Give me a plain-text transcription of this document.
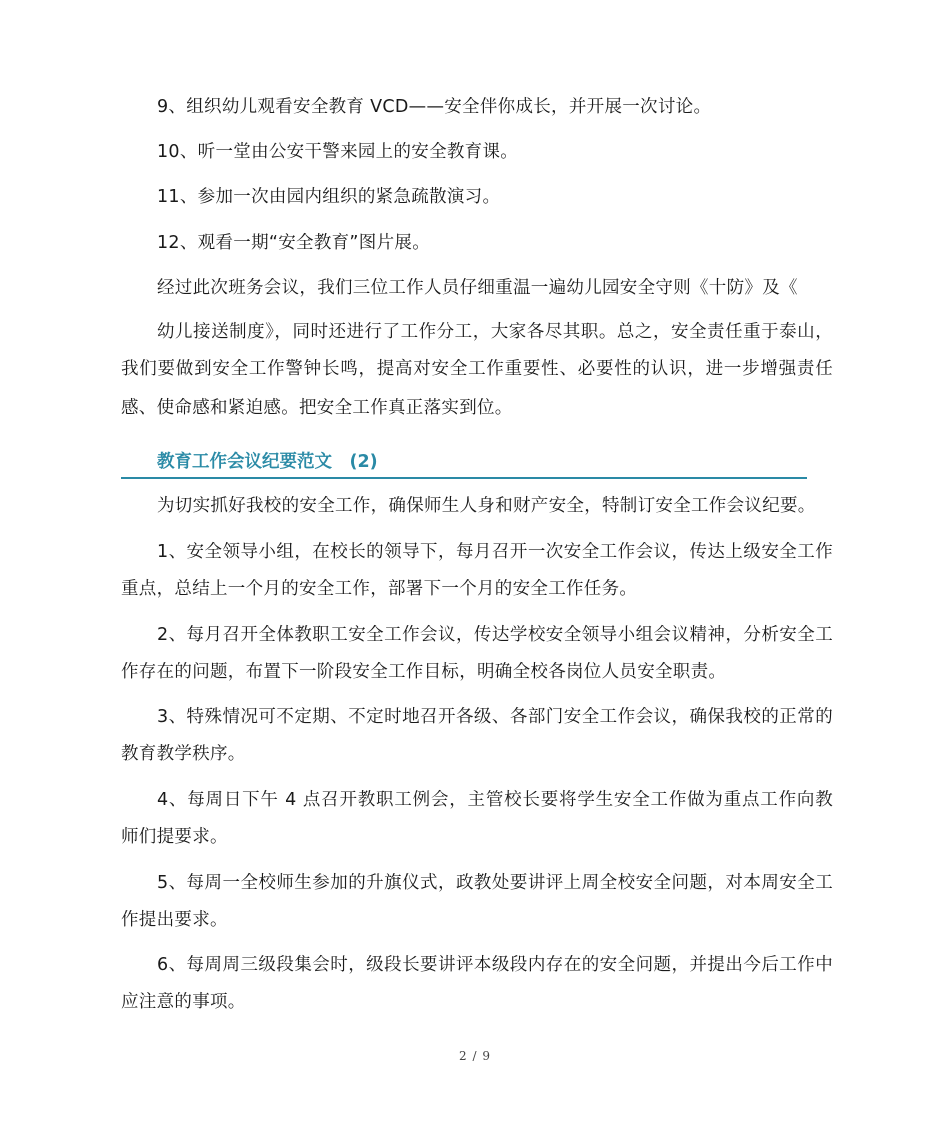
9、组织幼儿观看安全教育 VCD——安全伴你成长，并开展一次讨论。
10、听一堂由公安干警来园上的安全教育课。
11、参加一次由园内组织的紧急疏散演习。
12、观看一期“安全教育”图片展。
经过此次班务会议，我们三位工作人员仔细重温一遍幼儿园安全守则《十防》及《
幼儿接送制度》，同时还进行了工作分工，大家各尽其职。总之，安全责任重于泰山，
我们要做到安全工作警钟长鸣，提高对安全工作重要性、必要性的认识，进一步增强责任
感、使命感和紧迫感。把安全工作真正落实到位。
教育工作会议纪要范文　(2)
为切实抓好我校的安全工作，确保师生人身和财产安全，特制订安全工作会议纪要。
1、安全领导小组，在校长的领导下，每月召开一次安全工作会议，传达上级安全工作
重点，总结上一个月的安全工作，部署下一个月的安全工作任务。
2、每月召开全体教职工安全工作会议，传达学校安全领导小组会议精神，分析安全工
作存在的问题，布置下一阶段安全工作目标，明确全校各岗位人员安全职责。
3、特殊情况可不定期、不定时地召开各级、各部门安全工作会议，确保我校的正常的
教育教学秩序。
4、每周日下午 4 点召开教职工例会，主管校长要将学生安全工作做为重点工作向教
师们提要求。
5、每周一全校师生参加的升旗仪式，政教处要讲评上周全校安全问题，对本周安全工
作提出要求。
6、每周周三级段集会时，级段长要讲评本级段内存在的安全问题，并提出今后工作中
应注意的事项。
2 / 9
